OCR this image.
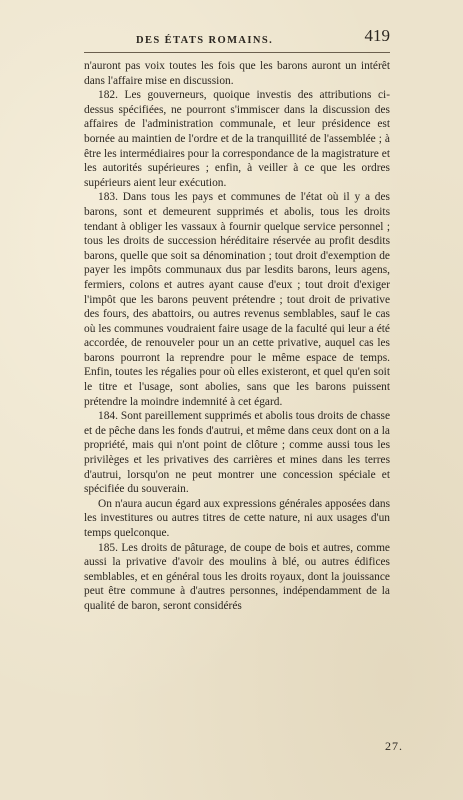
DES ÉTATS ROMAINS.	419

n'auront pas voix toutes les fois que les barons auront un intérêt dans l'affaire mise en discussion.

182. Les gouverneurs, quoique investis des attributions ci-dessus spécifiées, ne pourront s'immiscer dans la discussion des affaires de l'administration communale, et leur présidence est bornée au maintien de l'ordre et de la tranquillité de l'assemblée ; à être les intermédiaires pour la correspondance de la magistrature et les autorités supérieures ; enfin, à veiller à ce que les ordres supérieurs aient leur exécution.

183. Dans tous les pays et communes de l'état où il y a des barons, sont et demeurent supprimés et abolis, tous les droits tendant à obliger les vassaux à fournir quelque service personnel ; tous les droits de succession héréditaire réservée au profit desdits barons, quelle que soit sa dénomination ; tout droit d'exemption de payer les impôts communaux dus par lesdits barons, leurs agens, fermiers, colons et autres ayant cause d'eux ; tout droit d'exiger l'impôt que les barons peuvent prétendre ; tout droit de privative des fours, des abattoirs, ou autres revenus semblables, sauf le cas où les communes voudraient faire usage de la faculté qui leur a été accordée, de renouveler pour un an cette privative, auquel cas les barons pourront la reprendre pour le même espace de temps. Enfin, toutes les régalies pour où elles existeront, et quel qu'en soit le titre et l'usage, sont abolies, sans que les barons puissent prétendre la moindre indemnité à cet égard.

184. Sont pareillement supprimés et abolis tous droits de chasse et de pêche dans les fonds d'autrui, et même dans ceux dont on a la propriété, mais qui n'ont point de clôture ; comme aussi tous les privilèges et les privatives des carrières et mines dans les terres d'autrui, lorsqu'on ne peut montrer une concession spéciale et spécifiée du souverain.

On n'aura aucun égard aux expressions générales apposées dans les investitures ou autres titres de cette nature, ni aux usages d'un temps quelconque.

185. Les droits de pâturage, de coupe de bois et autres, comme aussi la privative d'avoir des moulins à blé, ou autres édifices semblables, et en général tous les droits royaux, dont la jouissance peut être commune à d'autres personnes, indépendamment de la qualité de baron, seront considérés

27.
